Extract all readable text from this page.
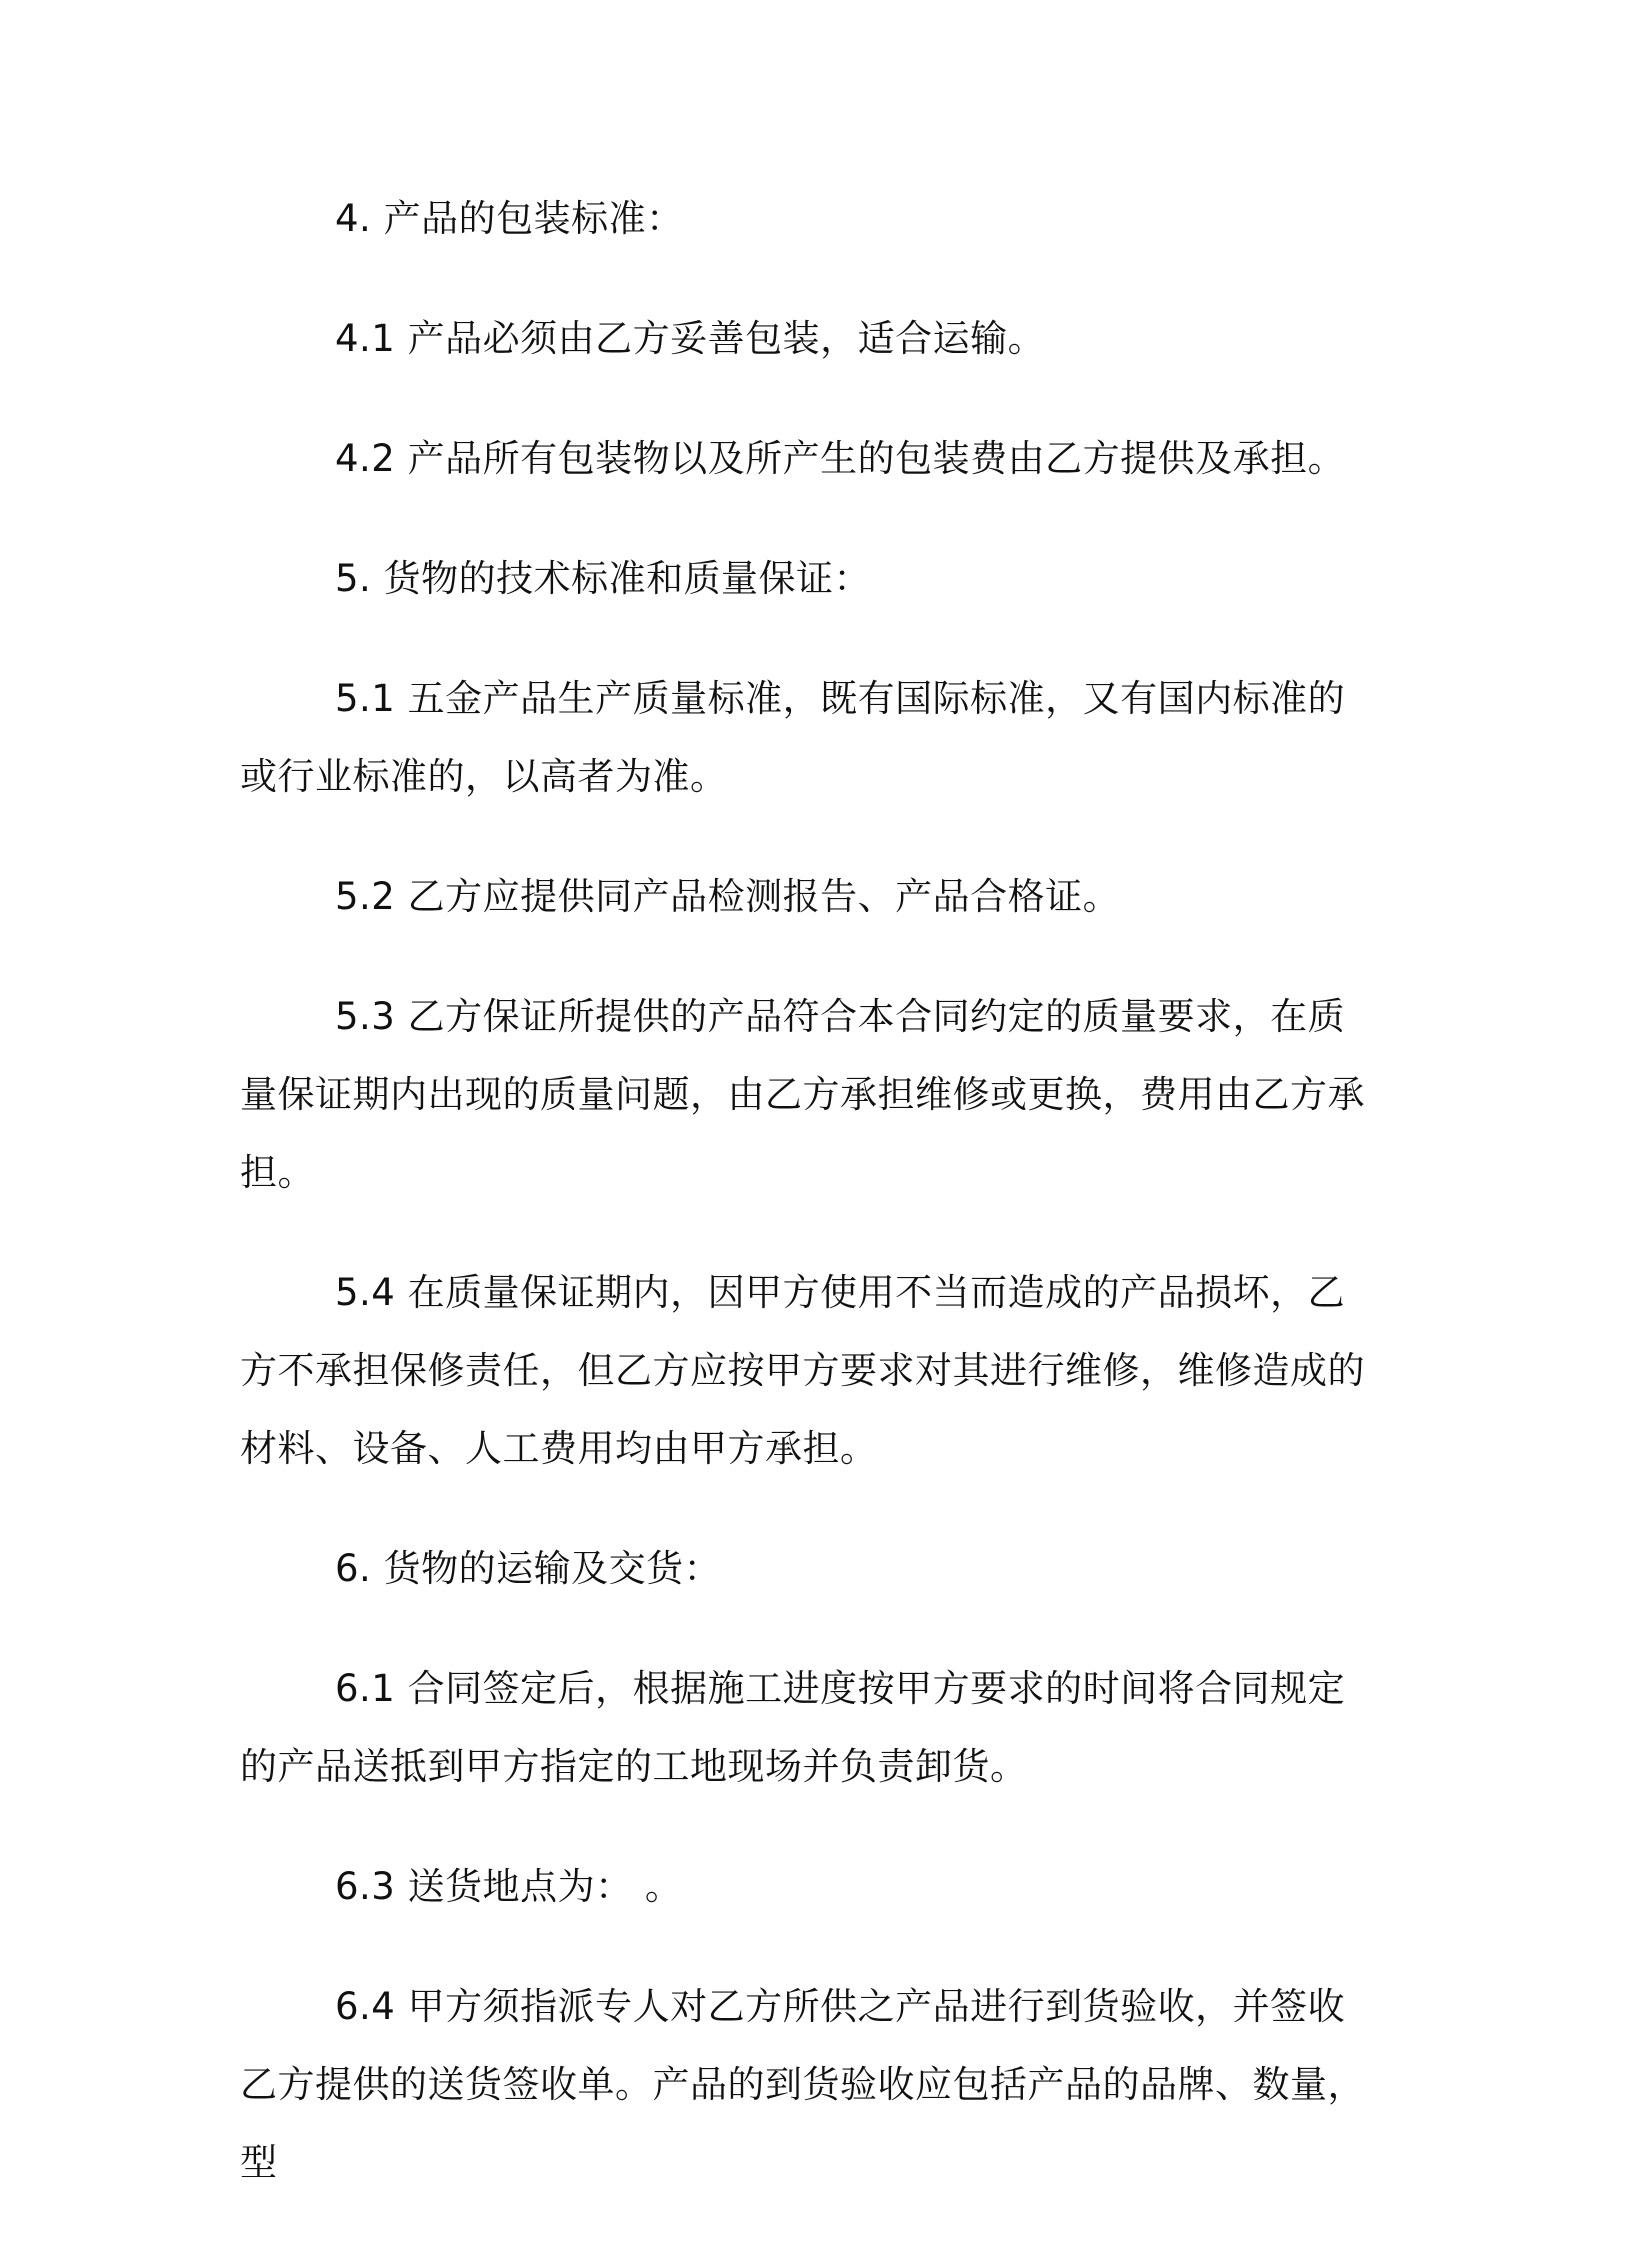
4. 产品的包装标准：

4.1 产品必须由乙方妥善包装，适合运输。

4.2 产品所有包装物以及所产生的包装费由乙方提供及承担。

5. 货物的技术标准和质量保证：

5.1 五金产品生产质量标准，既有国际标准，又有国内标准的或行业标准的，以高者为准。

5.2 乙方应提供同产品检测报告、产品合格证。

5.3 乙方保证所提供的产品符合本合同约定的质量要求，在质量保证期内出现的质量问题，由乙方承担维修或更换，费用由乙方承担。

5.4 在质量保证期内，因甲方使用不当而造成的产品损坏，乙方不承担保修责任，但乙方应按甲方要求对其进行维修，维修造成的材料、设备、人工费用均由甲方承担。

6. 货物的运输及交货：

6.1 合同签定后，根据施工进度按甲方要求的时间将合同规定的产品送抵到甲方指定的工地现场并负责卸货。

6.3 送货地点为： 。

6.4 甲方须指派专人对乙方所供之产品进行到货验收，并签收乙方提供的送货签收单。产品的到货验收应包括产品的品牌、数量，型
